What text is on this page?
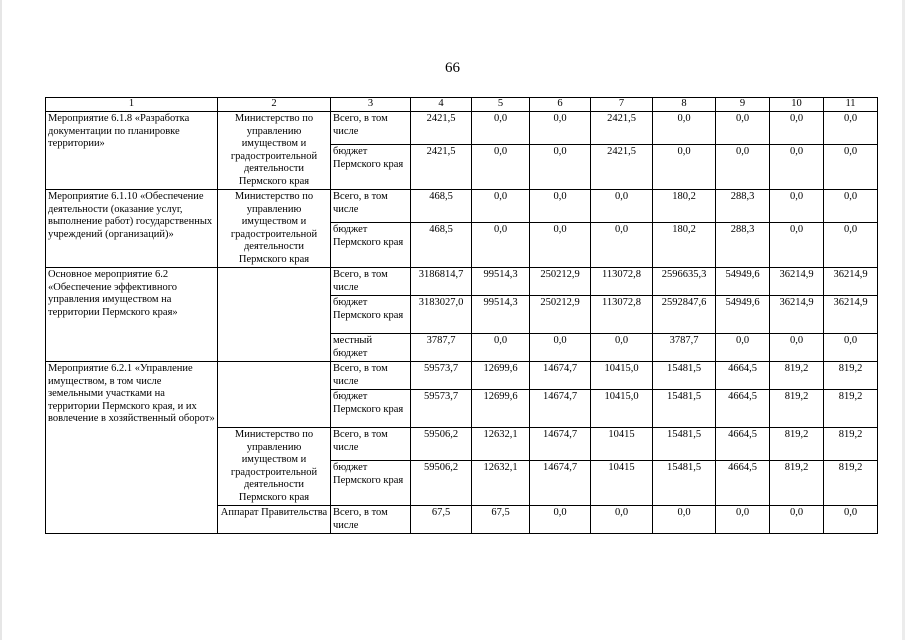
66
1	2	3	4	5	6	7	8	9	10	11
Мероприятие 6.1.8 «Разработка документации по планировке территории»	Министерство по управлению имуществом и градостроительной деятельности Пермского края	Всего, в том числе	2421,5	0,0	0,0	2421,5	0,0	0,0	0,0	0,0
		бюджет Пермского края	2421,5	0,0	0,0	2421,5	0,0	0,0	0,0	0,0
Мероприятие 6.1.10 «Обеспечение деятельности (оказание услуг, выполнение работ) государственных учреждений (организаций)»	Министерство по управлению имуществом и градостроительной деятельности Пермского края	Всего, в том числе	468,5	0,0	0,0	0,0	180,2	288,3	0,0	0,0
		бюджет Пермского края	468,5	0,0	0,0	0,0	180,2	288,3	0,0	0,0
Основное мероприятие 6.2 «Обеспечение эффективного управления имуществом на территории Пермского края»		Всего, в том числе	3186814,7	99514,3	250212,9	113072,8	2596635,3	54949,6	36214,9	36214,9
		бюджет Пермского края	3183027,0	99514,3	250212,9	113072,8	2592847,6	54949,6	36214,9	36214,9
		местный бюджет	3787,7	0,0	0,0	0,0	3787,7	0,0	0,0	0,0
Мероприятие 6.2.1 «Управление имуществом, в том числе земельными участками на территории Пермского края, и их вовлечение в хозяйственный оборот»		Всего, в том числе	59573,7	12699,6	14674,7	10415,0	15481,5	4664,5	819,2	819,2
		бюджет Пермского края	59573,7	12699,6	14674,7	10415,0	15481,5	4664,5	819,2	819,2
	Министерство по управлению имуществом и градостроительной деятельности Пермского края	Всего, в том числе	59506,2	12632,1	14674,7	10415	15481,5	4664,5	819,2	819,2
		бюджет Пермского края	59506,2	12632,1	14674,7	10415	15481,5	4664,5	819,2	819,2
	Аппарат Правительства	Всего, в том числе	67,5	67,5	0,0	0,0	0,0	0,0	0,0	0,0
